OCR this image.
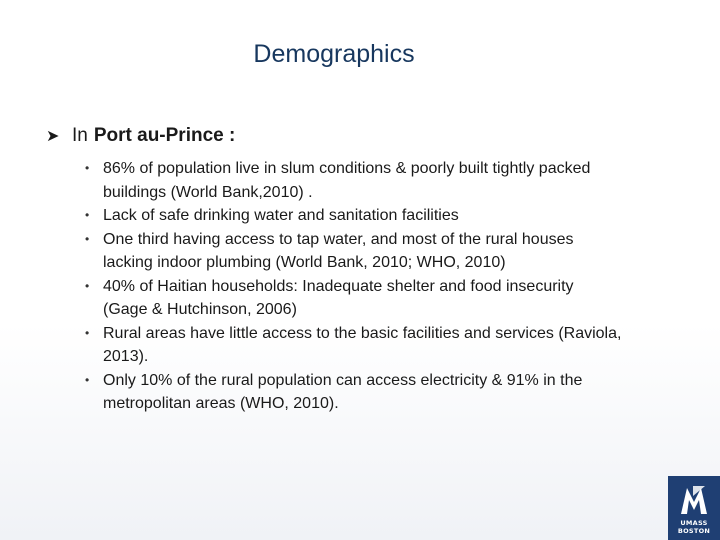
Demographics
➤ In Port au-Prince :
• 86% of population live in slum conditions & poorly built tightly packed buildings (World Bank,2010) .
• Lack of safe drinking water and sanitation facilities
• One third having access to tap water, and most of the rural houses lacking indoor plumbing (World Bank, 2010; WHO, 2010)
• 40% of Haitian households: Inadequate shelter and food insecurity (Gage & Hutchinson, 2006)
• Rural areas have little access to the basic facilities and services (Raviola, 2013).
• Only 10% of the rural population can access electricity & 91% in the metropolitan areas (WHO, 2010).
UMASS
BOSTON
